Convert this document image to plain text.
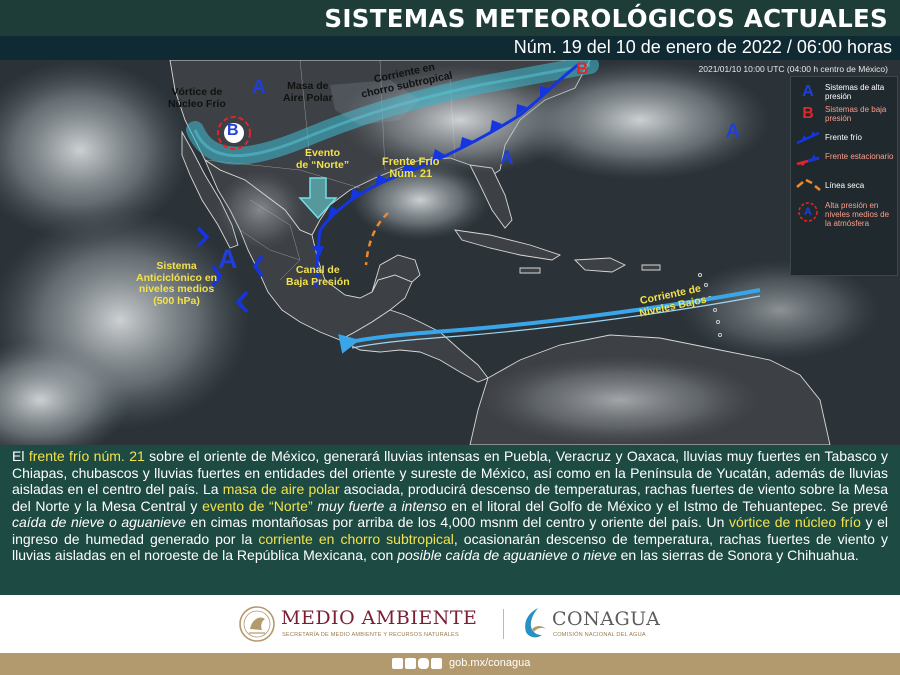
SISTEMAS METEOROLÓGICOS ACTUALES
Núm. 19 del 10 de enero de 2022 / 06:00 horas
B
B
A
A
A
A
Vórtice de
Núcleo Frío
Masa de
Aire Polar
Corriente en
chorro subtropical
Evento
de “Norte”	Frente Frío
Núm. 21
Sistema
Anticiclónico en
niveles medios
(500 hPa)
Canal de
Baja Presión
Corriente de
Niveles Bajos
2021/01/10 10:00 UTC (04:00 h centro de México)
A	Sistemas de alta presión
B	Sistemas de baja presión
Frente frío
Frente estacionario
Línea seca
A
Alta presión en niveles medios de la atmósfera

El frente frío núm. 21 sobre el oriente de México, generará lluvias intensas en Puebla, Veracruz y Oaxaca, lluvias muy fuertes en Tabasco y Chiapas, chubascos y lluvias fuertes en entidades del oriente y sureste de México, así como en la Península de Yucatán, además de lluvias aisladas en el centro del país. La masa de aire polar asociada, producirá descenso de temperaturas, rachas fuertes de viento sobre la Mesa del Norte y la Mesa Central y evento de “Norte” muy fuerte a intenso en el litoral del Golfo de México y el Istmo de Tehuantepec. Se prevé caída de nieve o aguanieve en cimas montañosas por arriba de los 4,000 msnm del centro y oriente del país. Un vórtice de núcleo frío y el ingreso de humedad generado por la corriente en chorro subtropical, ocasionarán descenso de temperatura, rachas fuertes de viento y lluvias aisladas en el noroeste de la República Mexicana, con posible caída de aguanieve o nieve en las sierras de Sonora y Chihuahua.

MEDIO AMBIENTE
SECRETARÍA DE MEDIO AMBIENTE Y RECURSOS NATURALES
CONAGUA
COMISIÓN NACIONAL DEL AGUA
gob.mx/conagua
